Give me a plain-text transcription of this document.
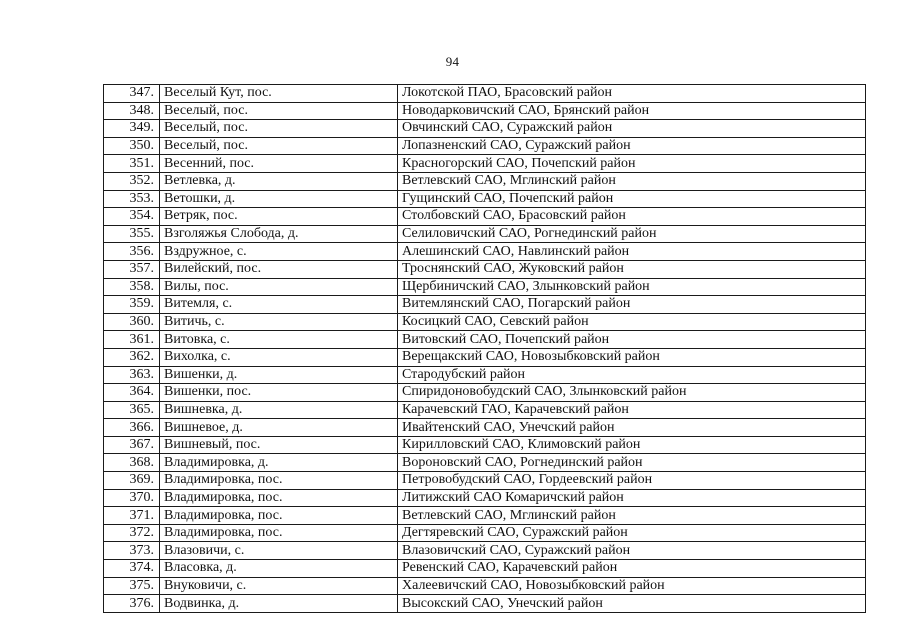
94
347.	Веселый Кут, пос.	Локотской ПАО, Брасовский район
348.	Веселый, пос.	Новодарковичский САО, Брянский район
349.	Веселый, пос.	Овчинский САО, Суражский район
350.	Веселый, пос.	Лопазненский САО, Суражский район
351.	Весенний, пос.	Красногорский САО, Почепский район
352.	Ветлевка, д.	Ветлевский САО, Мглинский район
353.	Ветошки, д.	Гущинский САО, Почепский район
354.	Ветряк, пос.	Столбовский САО, Брасовский район
355.	Взголяжья Слобода, д.	Селиловичский САО, Рогнединский район
356.	Вздружное, с.	Алешинский САО, Навлинский район
357.	Вилейский, пос.	Троснянский САО, Жуковский район
358.	Вилы, пос.	Щербиничский САО, Злынковский район
359.	Витемля, с.	Витемлянский САО, Погарский район
360.	Витичь, с.	Косицкий САО, Севский район
361.	Витовка, с.	Витовский САО, Почепский район
362.	Вихолка, с.	Верещакский САО, Новозыбковский район
363.	Вишенки, д.	Стародубский район
364.	Вишенки, пос.	Спиридоновобудский САО, Злынковский район
365.	Вишневка, д.	Карачевский ГАО, Карачевский район
366.	Вишневое, д.	Ивайтенский САО, Унечский район
367.	Вишневый, пос.	Кирилловский САО, Климовский район
368.	Владимировка, д.	Вороновский САО, Рогнединский район
369.	Владимировка, пос.	Петровобудский САО, Гордеевский район
370.	Владимировка, пос.	Литижский САО Комаричский район
371.	Владимировка, пос.	Ветлевский САО, Мглинский район
372.	Владимировка, пос.	Дегтяревский САО, Суражский район
373.	Влазовичи, с.	Влазовичский САО, Суражский район
374.	Власовка, д.	Ревенский САО, Карачевский район
375.	Внуковичи, с.	Халеевичский САО, Новозыбковский район
376.	Водвинка, д.	Высокский САО, Унечский район
